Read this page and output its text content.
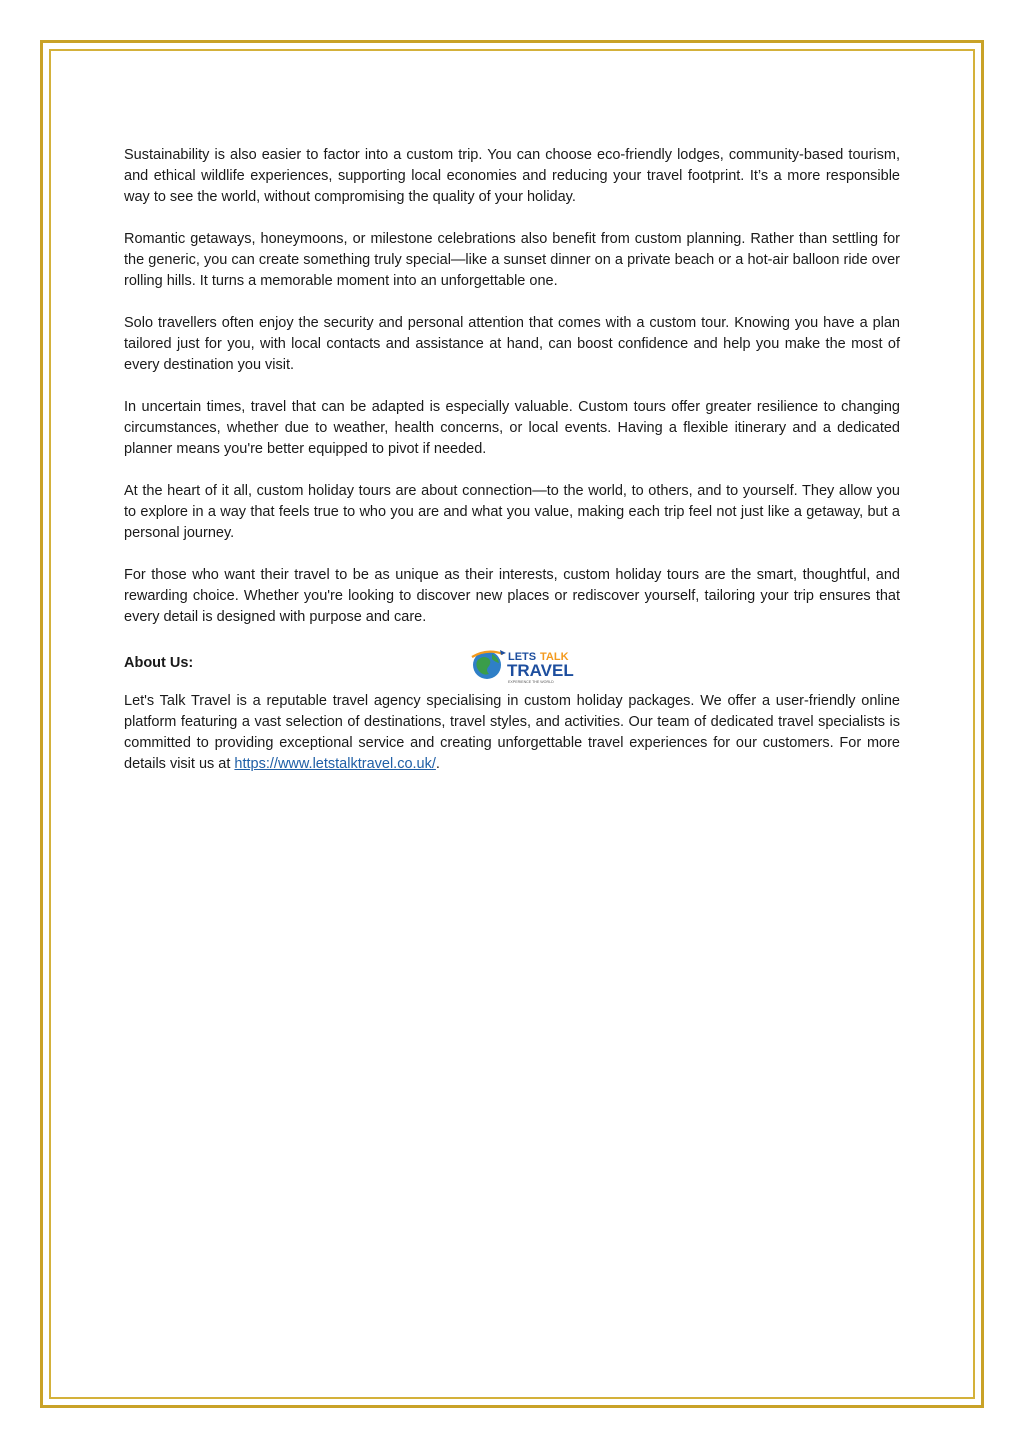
Sustainability is also easier to factor into a custom trip. You can choose eco-friendly lodges, community-based tourism, and ethical wildlife experiences, supporting local economies and reducing your travel footprint. It’s a more responsible way to see the world, without compromising the quality of your holiday.

Romantic getaways, honeymoons, or milestone celebrations also benefit from custom planning. Rather than settling for the generic, you can create something truly special—like a sunset dinner on a private beach or a hot-air balloon ride over rolling hills. It turns a memorable moment into an unforgettable one.

Solo travellers often enjoy the security and personal attention that comes with a custom tour. Knowing you have a plan tailored just for you, with local contacts and assistance at hand, can boost confidence and help you make the most of every destination you visit.

In uncertain times, travel that can be adapted is especially valuable. Custom tours offer greater resilience to changing circumstances, whether due to weather, health concerns, or local events. Having a flexible itinerary and a dedicated planner means you're better equipped to pivot if needed.

At the heart of it all, custom holiday tours are about connection—to the world, to others, and to yourself. They allow you to explore in a way that feels true to who you are and what you value, making each trip feel not just like a getaway, but a personal journey.

For those who want their travel to be as unique as their interests, custom holiday tours are the smart, thoughtful, and rewarding choice. Whether you're looking to discover new places or rediscover yourself, tailoring your trip ensures that every detail is designed with purpose and care.

About Us:	LETS TALK
TRAVEL
EXPERIENCE THE WORLD

Let's Talk Travel is a reputable travel agency specialising in custom holiday packages. We offer a user-friendly online platform featuring a vast selection of destinations, travel styles, and activities. Our team of dedicated travel specialists is committed to providing exceptional service and creating unforgettable travel experiences for our customers. For more details visit us at https://www.letstalktravel.co.uk/.
